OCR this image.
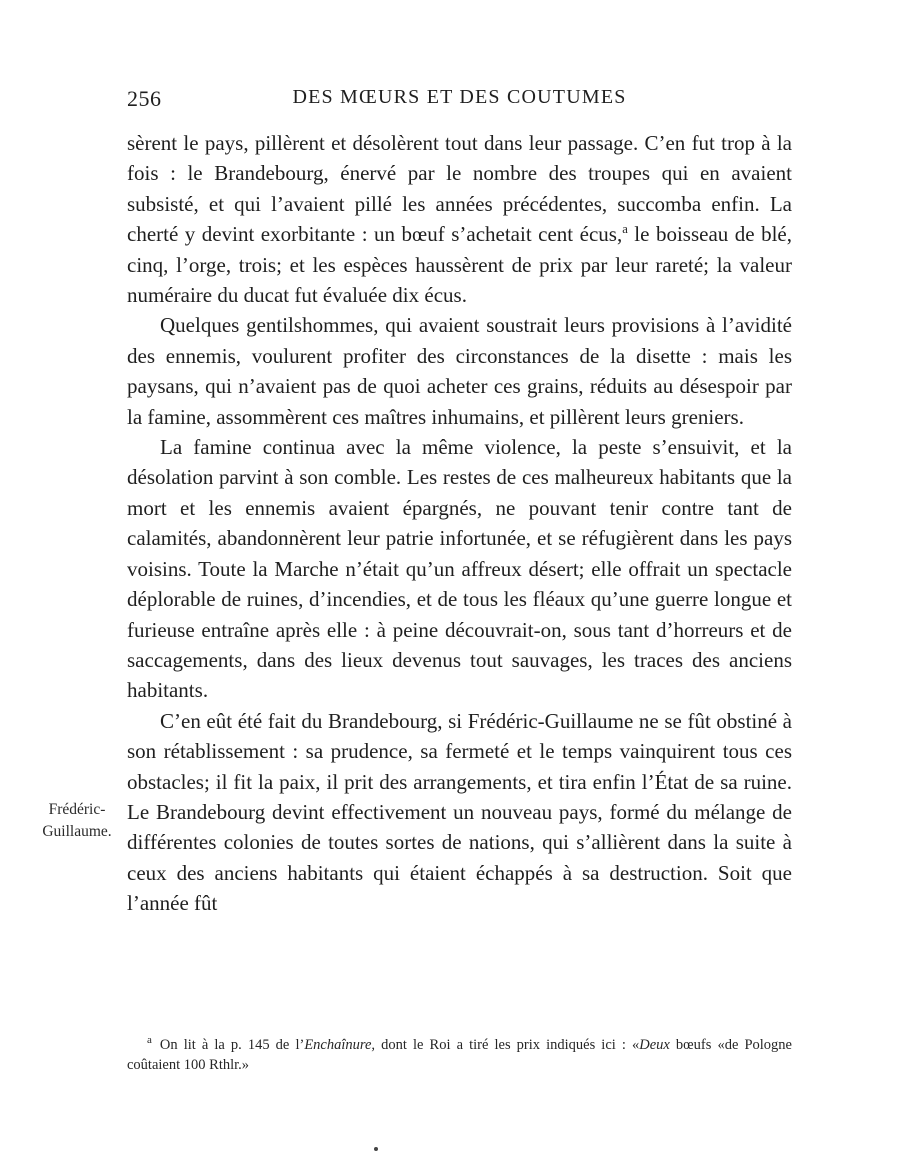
256	DES MŒURS ET DES COUTUMES

sèrent le pays, pillèrent et désolèrent tout dans leur passage. C’en fut trop à la fois : le Brandebourg, énervé par le nombre des troupes qui en avaient subsisté, et qui l’avaient pillé les années précédentes, succomba enfin. La cherté y devint exorbitante : un bœuf s’achetait cent écus,$^a$ le boisseau de blé, cinq, l’orge, trois; et les espèces haussèrent de prix par leur rareté; la valeur numéraire du ducat fut évaluée dix écus.

Quelques gentilshommes, qui avaient soustrait leurs provisions à l’avidité des ennemis, voulurent profiter des circonstances de la disette : mais les paysans, qui n’avaient pas de quoi acheter ces grains, réduits au désespoir par la famine, assommèrent ces maîtres inhumains, et pillèrent leurs greniers.

La famine continua avec la même violence, la peste s’ensuivit, et la désolation parvint à son comble. Les restes de ces malheureux habitants que la mort et les ennemis avaient épargnés, ne pouvant tenir contre tant de calamités, abandonnèrent leur patrie infortunée, et se réfugièrent dans les pays voisins. Toute la Marche n’était qu’un affreux désert; elle offrait un spectacle déplorable de ruines, d’incendies, et de tous les fléaux qu’une guerre longue et furieuse entraîne après elle : à peine découvrait-on, sous tant d’horreurs et de saccagements, dans des lieux devenus tout sauvages, les traces des anciens habitants.

C’en eût été fait du Brandebourg, si Frédéric-Guillaume ne se fût obstiné à son rétablissement : sa prudence, sa fermeté et le temps vainquirent tous ces obstacles; il fit la paix, il prit des arrangements, et tira enfin l’État de sa ruine. Le Brandebourg devint effectivement un nouveau pays, formé du mélange de différentes colonies de toutes sortes de nations, qui s’allièrent dans la suite à ceux des anciens habitants qui étaient échappés à sa destruction. Soit que l’année fût

Frédéric-
Guillaume.

$^a$ On lit à la p. 145 de l’Enchaînure, dont le Roi a tiré les prix indiqués ici : «Deux bœufs «de Pologne coûtaient 100 Rthlr.»
